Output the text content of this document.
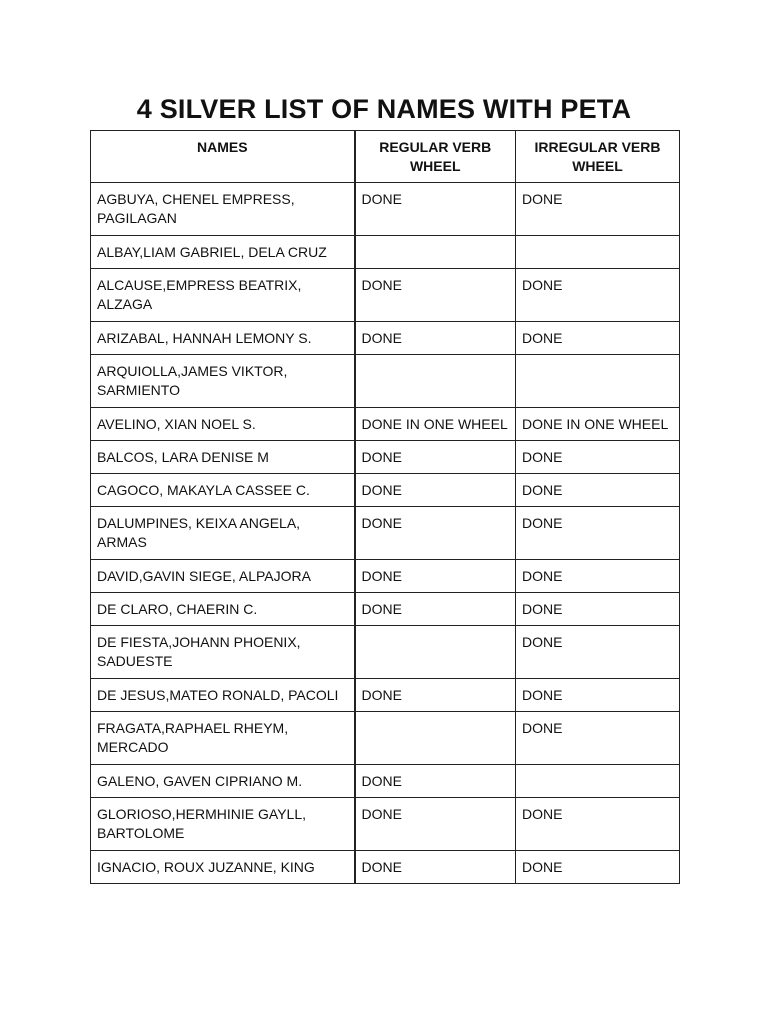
4 SILVER LIST OF NAMES WITH PETA
NAMES	REGULAR VERB WHEEL	IRREGULAR VERB WHEEL
AGBUYA, CHENEL EMPRESS, PAGILAGAN	DONE	DONE
ALBAY,LIAM GABRIEL, DELA CRUZ		
ALCAUSE,EMPRESS BEATRIX, ALZAGA	DONE	DONE
ARIZABAL, HANNAH LEMONY S.	DONE	DONE
ARQUIOLLA,JAMES VIKTOR, SARMIENTO		
AVELINO, XIAN NOEL S.	DONE IN ONE WHEEL	DONE IN ONE WHEEL
BALCOS, LARA DENISE M	DONE	DONE
CAGOCO, MAKAYLA CASSEE C.	DONE	DONE
DALUMPINES, KEIXA ANGELA, ARMAS	DONE	DONE
DAVID,GAVIN SIEGE, ALPAJORA	DONE	DONE
DE CLARO, CHAERIN C.	DONE	DONE
DE FIESTA,JOHANN PHOENIX, SADUESTE		DONE
DE JESUS,MATEO RONALD, PACOLI	DONE	DONE
FRAGATA,RAPHAEL RHEYM, MERCADO		DONE
GALENO, GAVEN CIPRIANO M.	DONE	
GLORIOSO,HERMHINIE GAYLL, BARTOLOME	DONE	DONE
IGNACIO, ROUX JUZANNE, KING	DONE	DONE
